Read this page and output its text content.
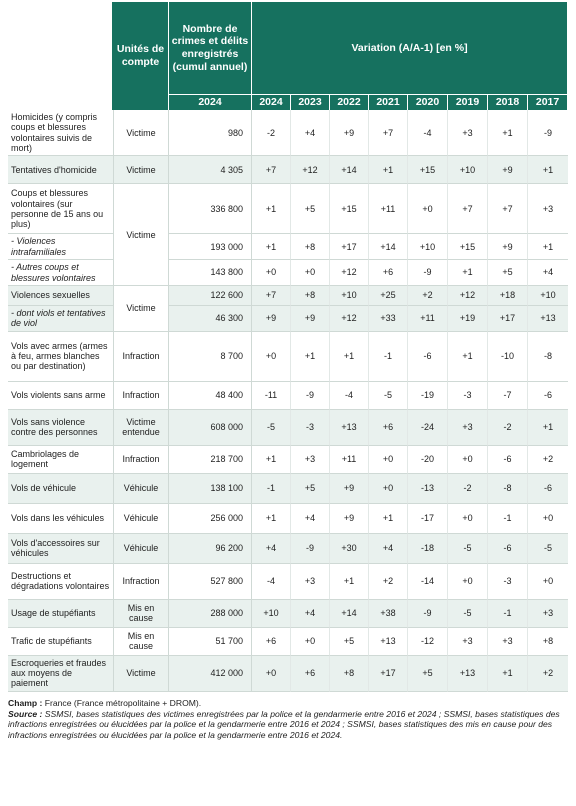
	Unités de compte	Nombre de crimes et délits enregistrés (cumul annuel)	Variation (A/A-1) [en %]							
		2024	2024	2023	2022	2021	2020	2019	2018	2017
Homicides (y compris coups et blessures volontaires suivis de mort)	Victime	980	-2	+4	+9	+7	-4	+3	+1	-9
Tentatives d'homicide	Victime	4 305	+7	+12	+14	+1	+15	+10	+9	+1
Coups et blessures volontaires (sur personne de 15 ans ou plus)	Victime	336 800	+1	+5	+15	+11	+0	+7	+7	+3
- Violences intrafamiliales		193 000	+1	+8	+17	+14	+10	+15	+9	+1
- Autres coups et blessures volontaires		143 800	+0	+0	+12	+6	-9	+1	+5	+4
Violences sexuelles	Victime	122 600	+7	+8	+10	+25	+2	+12	+18	+10
- dont viols et tentatives de viol		46 300	+9	+9	+12	+33	+11	+19	+17	+13
Vols avec armes (armes à feu, armes blanches ou par destination)	Infraction	8 700	+0	+1	+1	-1	-6	+1	-10	-8
Vols violents sans arme	Infraction	48 400	-11	-9	-4	-5	-19	-3	-7	-6
Vols sans violence contre des personnes	Victime entendue	608 000	-5	-3	+13	+6	-24	+3	-2	+1
Cambriolages de logement	Infraction	218 700	+1	+3	+11	+0	-20	+0	-6	+2
Vols de véhicule	Véhicule	138 100	-1	+5	+9	+0	-13	-2	-8	-6
Vols dans les véhicules	Véhicule	256 000	+1	+4	+9	+1	-17	+0	-1	+0
Vols d'accessoires sur véhicules	Véhicule	96 200	+4	-9	+30	+4	-18	-5	-6	-5
Destructions et dégradations volontaires	Infraction	527 800	-4	+3	+1	+2	-14	+0	-3	+0
Usage de stupéfiants	Mis en cause	288 000	+10	+4	+14	+38	-9	-5	-1	+3
Trafic de stupéfiants	Mis en cause	51 700	+6	+0	+5	+13	-12	+3	+3	+8
Escroqueries et fraudes aux moyens de paiement	Victime	412 000	+0	+6	+8	+17	+5	+13	+1	+2
Champ : France (France métropolitaine + DROM).
Source : SSMSI, bases statistiques des victimes enregistrées par la police et la gendarmerie entre 2016 et 2024 ; SSMSI, bases statistiques des infractions enregistrées ou élucidées par la police et la gendarmerie entre 2016 et 2024 ; SSMSI, bases statistiques des mis en cause pour des infractions enregistrées ou élucidées par la police et la gendarmerie entre 2016 et 2024.
